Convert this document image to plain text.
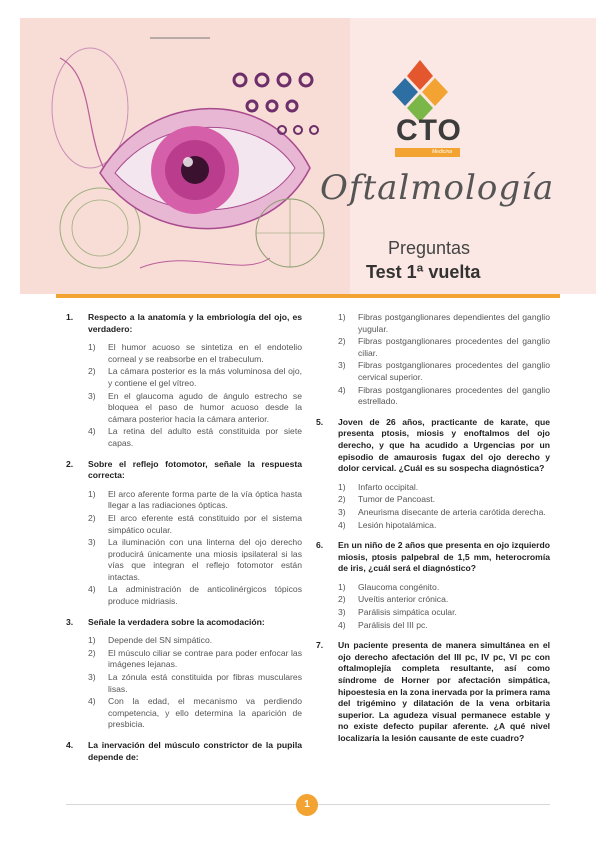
CTO
Medicina
Oftalmología
Preguntas
Test 1ª vuelta
1.	Respecto a la anatomía y la embriología del ojo, es verdadero:
1)	El humor acuoso se sintetiza en el endotelio corneal y se reabsorbe en el trabeculum.
2)	La cámara posterior es la más voluminosa del ojo, y contiene el gel vítreo.
3)	En el glaucoma agudo de ángulo estrecho se bloquea el paso de humor acuoso desde la cámara posterior hacia la cámara anterior.
4)	La retina del adulto está constituida por siete capas.
2.	Sobre el reflejo fotomotor, señale la respuesta correcta:
1)	El arco aferente forma parte de la vía óptica hasta llegar a las radiaciones ópticas.
2)	El arco eferente está constituido por el sistema simpático ocular.
3)	La iluminación con una linterna del ojo derecho producirá únicamente una miosis ipsilateral si las vías que integran el reflejo fotomotor están intactas.
4)	La administración de anticolinérgicos tópicos produce midriasis.
3.	Señale la verdadera sobre la acomodación:
1)	Depende del SN simpático.
2)	El músculo ciliar se contrae para poder enfocar las imágenes lejanas.
3)	La zónula está constituida por fibras musculares lisas.
4)	Con la edad, el mecanismo va perdiendo competencia, y ello determina la aparición de presbicia.
4.	La inervación del músculo constrictor de la pupila depende de:
1)	Fibras postganglionares dependientes del ganglio yugular.
2)	Fibras postganglionares procedentes del ganglio ciliar.
3)	Fibras postganglionares procedentes del ganglio cervical superior.
4)	Fibras postganglionares procedentes del ganglio estrellado.
5.	Joven de 26 años, practicante de karate, que presenta ptosis, miosis y enoftalmos del ojo derecho, y que ha acudido a Urgencias por un episodio de amaurosis fugax del ojo derecho y dolor cervical. ¿Cuál es su sospecha diagnóstica?
1)	Infarto occipital.
2)	Tumor de Pancoast.
3)	Aneurisma disecante de arteria carótida derecha.
4)	Lesión hipotalámica.
6.	En un niño de 2 años que presenta en ojo izquierdo miosis, ptosis palpebral de 1,5 mm, heterocromía de iris, ¿cuál será el diagnóstico?
1)	Glaucoma congénito.
2)	Uveítis anterior crónica.
3)	Parálisis simpática ocular.
4)	Parálisis del III pc.
7.	Un paciente presenta de manera simultánea en el ojo derecho afectación del III pc, IV pc, VI pc con oftalmoplejía completa resultante, así como síndrome de Horner por afectación simpática, hipoestesia en la zona inervada por la primera rama del trigémino y dilatación de la vena orbitaria superior. La agudeza visual permanece estable y no existe defecto pupilar aferente. ¿A qué nivel localizaría la lesión causante de este cuadro?
1
